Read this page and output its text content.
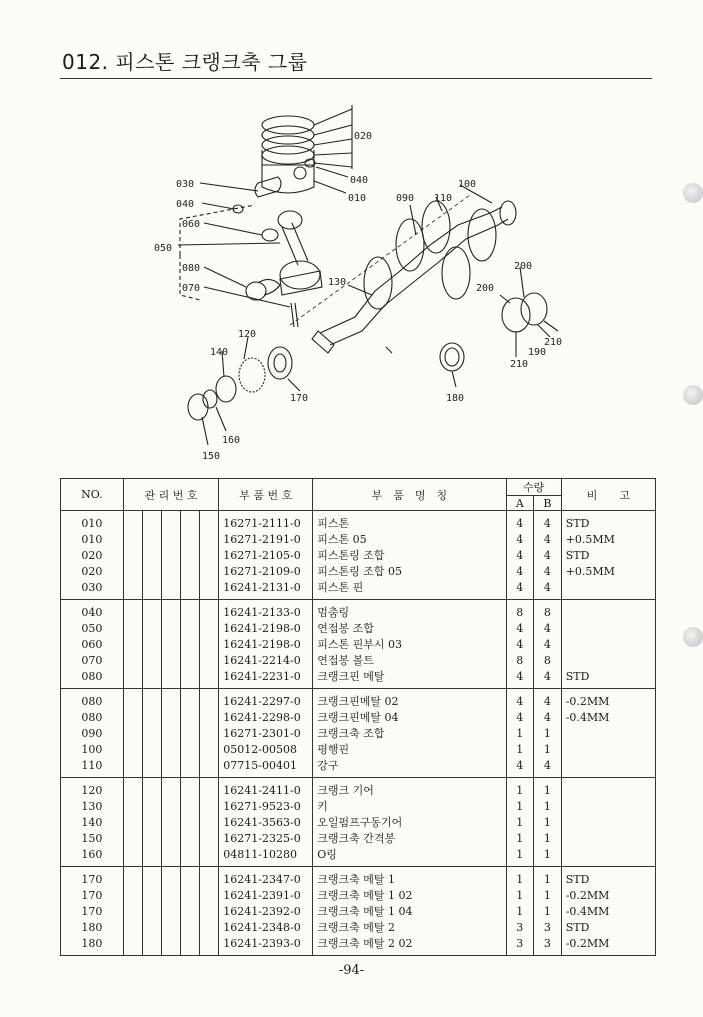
012. 피스톤 크랭크축 그룹
020
040
010
030
040
060
050
080
070
090 110
100
130
120
140
170
160
150
180
200
200
210
190
210
NO.	관 리 번 호					부 품 번 호	부　품　명　칭	수량		비　　고
								A	B	
010						16271-2111-0	피스톤	4	4	STD
010						16271-2191-0	피스톤 05	4	4	+0.5MM
020						16271-2105-0	피스톤링 조합	4	4	STD
020						16271-2109-0	피스톤링 조합 05	4	4	+0.5MM
030						16241-2131-0	피스톤 핀	4	4	
040						16241-2133-0	멈춤링	8	8	
050						16241-2198-0	연접봉 조합	4	4	
060						16241-2198-0	피스톤 핀부시 03	4	4	
070						16241-2214-0	연접봉 볼트	8	8	
080						16241-2231-0	크랭크핀 메탈	4	4	STD
080						16241-2297-0	크랭크핀메탈 02	4	4	-0.2MM
080						16241-2298-0	크랭크핀메탈 04	4	4	-0.4MM
090						16271-2301-0	크랭크축 조합	1	1	
100						05012-00508	평행핀	1	1	
110						07715-00401	강구	4	4	
120						16241-2411-0	크랭크 기어	1	1	
130						16271-9523-0	키	1	1	
140						16241-3563-0	오일펌프구동기어	1	1	
150						16271-2325-0	크랭크축 간격봉	1	1	
160						04811-10280	O링	1	1	
170						16241-2347-0	크랭크축 메탈 1	1	1	STD
170						16241-2391-0	크랭크축 메탈 1 02	1	1	-0.2MM
170						16241-2392-0	크랭크축 메탈 1 04	1	1	-0.4MM
180						16241-2348-0	크랭크축 메탈 2	3	3	STD
180						16241-2393-0	크랭크축 메탈 2 02	3	3	-0.2MM
-94-
